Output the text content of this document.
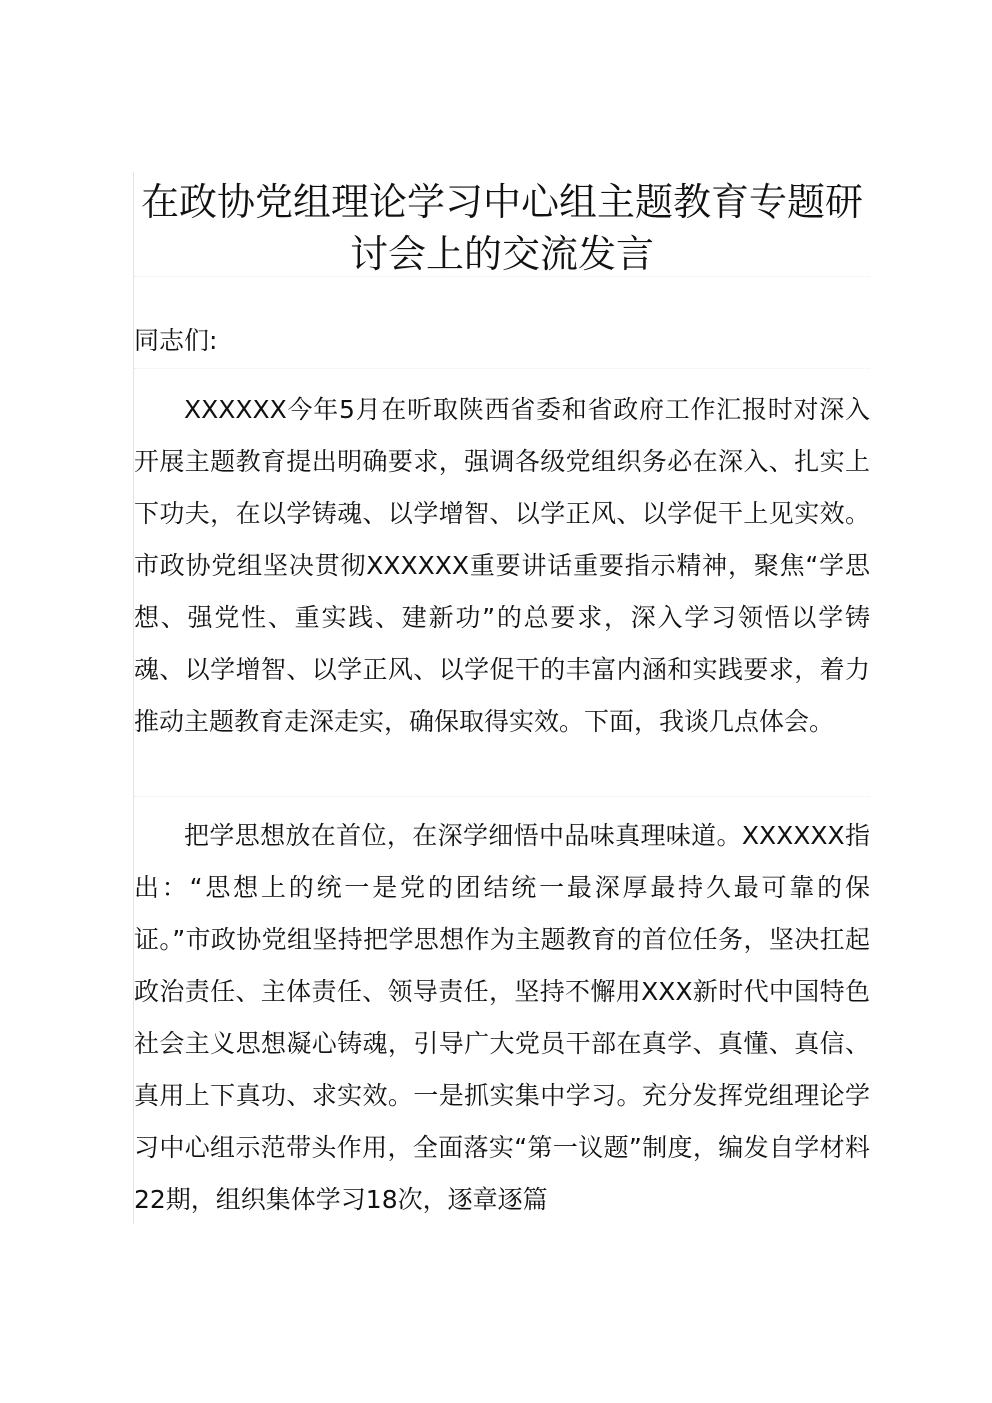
在政协党组理论学习中心组主题教育专题研讨会上的交流发言

同志们:

XXXXXX今年5月在听取陕西省委和省政府工作汇报时对深入开展主题教育提出明确要求，强调各级党组织务必在深入、扎实上下功夫，在以学铸魂、以学增智、以学正风、以学促干上见实效。市政协党组坚决贯彻XXXXXX重要讲话重要指示精神，聚焦“学思想、强党性、重实践、建新功”的总要求，深入学习领悟以学铸魂、以学增智、以学正风、以学促干的丰富内涵和实践要求，着力推动主题教育走深走实，确保取得实效。下面，我谈几点体会。

把学思想放在首位，在深学细悟中品味真理味道。XXXXXX指出：“思想上的统一是党的团结统一最深厚最持久最可靠的保证。”市政协党组坚持把学思想作为主题教育的首位任务，坚决扛起政治责任、主体责任、领导责任，坚持不懈用XXX新时代中国特色社会主义思想凝心铸魂，引导广大党员干部在真学、真懂、真信、真用上下真功、求实效。一是抓实集中学习。充分发挥党组理论学习中心组示范带头作用，全面落实“第一议题”制度，编发自学材料22期，组织集体学习18次，逐章逐篇
